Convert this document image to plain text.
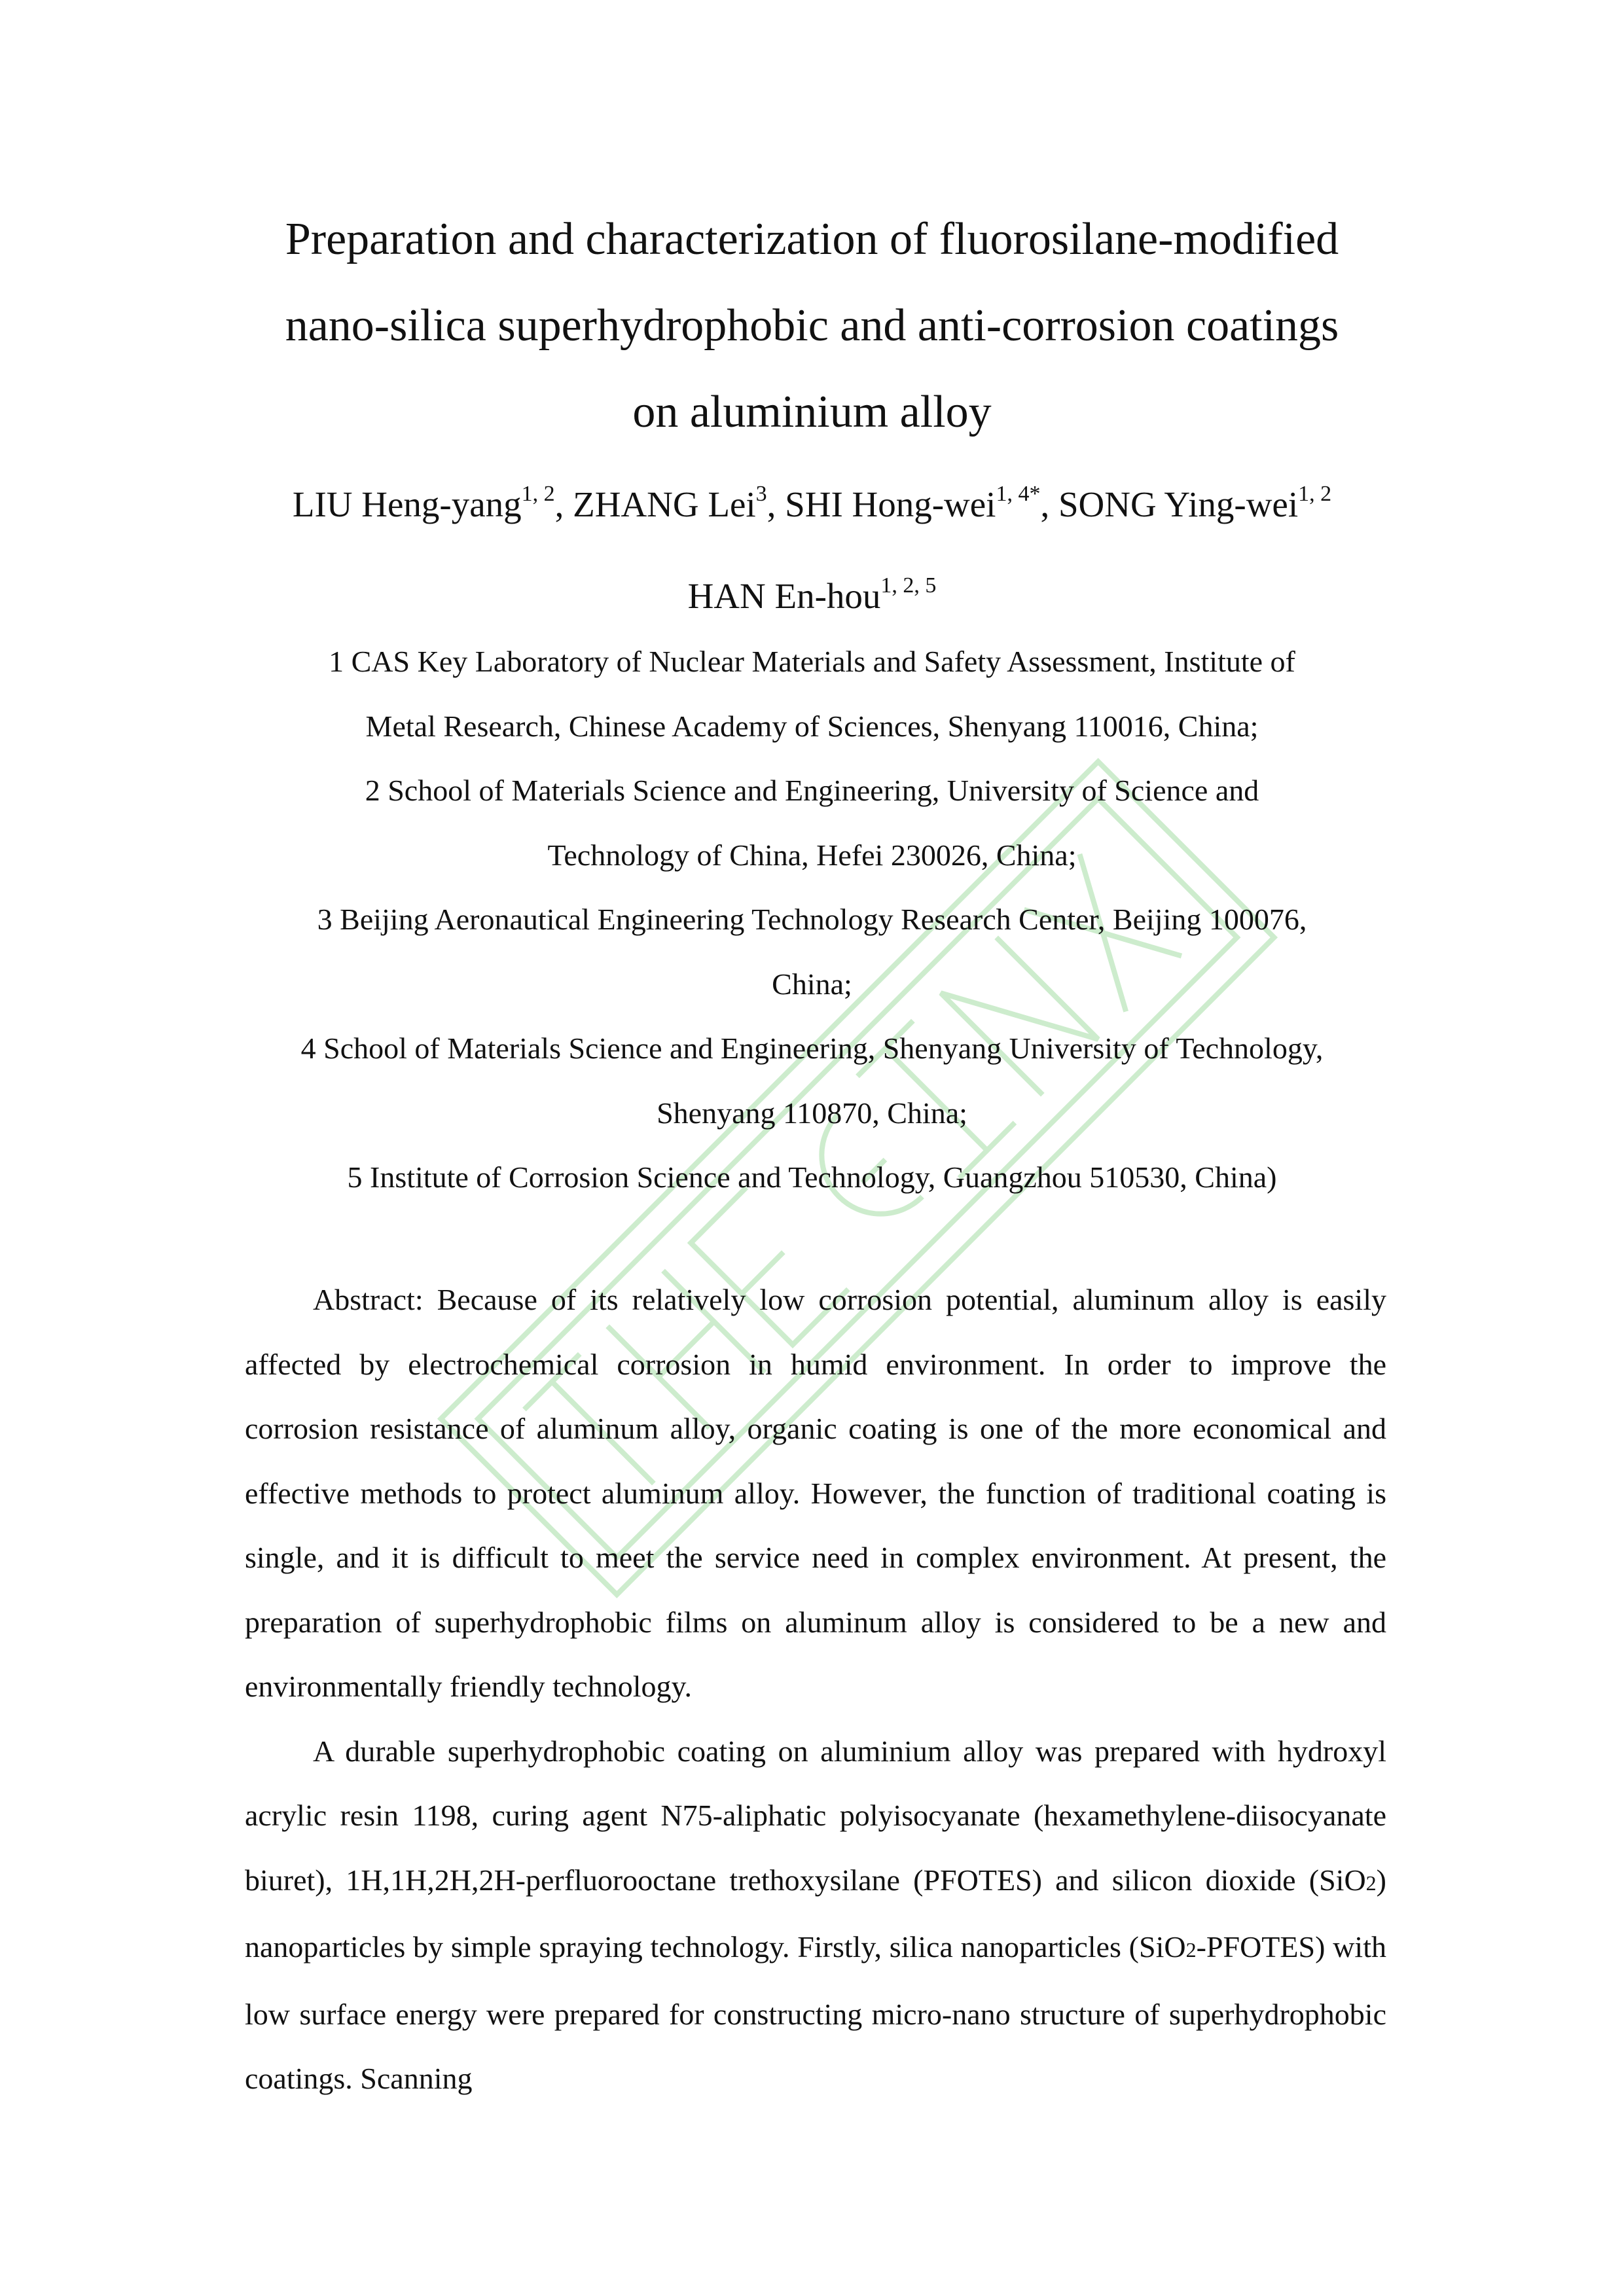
Preparation and characterization of fluorosilane-modified
nano-silica superhydrophobic and anti-corrosion coatings
on aluminium alloy
LIU Heng-yang$^{1, 2}$, ZHANG Lei$^3$, SHI Hong-wei$^{1, 4*}$, SONG Ying-wei$^{1, 2}$
HAN En-hou$^{1, 2, 5}$
1 CAS Key Laboratory of Nuclear Materials and Safety Assessment, Institute of
Metal Research, Chinese Academy of Sciences, Shenyang 110016, China;
2 School of Materials Science and Engineering, University of Science and
Technology of China, Hefei 230026, China;
3 Beijing Aeronautical Engineering Technology Research Center, Beijing 100076,
China;
4 School of Materials Science and Engineering, Shenyang University of Technology,
Shenyang 110870, China;
5 Institute of Corrosion Science and Technology, Guangzhou 510530, China)

Abstract: Because of its relatively low corrosion potential, aluminum alloy is easily affected by electrochemical corrosion in humid environment. In order to improve the corrosion resistance of aluminum alloy, organic coating is one of the more economical and effective methods to protect aluminum alloy. However, the function of traditional coating is single, and it is difficult to meet the service need in complex environment. At present, the preparation of superhydrophobic films on aluminum alloy is considered to be a new and environmentally friendly technology.

A durable superhydrophobic coating on aluminium alloy was prepared with hydroxyl acrylic resin 1198, curing agent N75-aliphatic polyisocyanate (hexamethylene-diisocyanate biuret), 1H,1H,2H,2H-perfluorooctane trethoxysilane (PFOTES) and silicon dioxide (SiO2) nanoparticles by simple spraying technology. Firstly, silica nanoparticles (SiO2-PFOTES) with low surface energy were prepared for constructing micro-nano structure of superhydrophobic coatings. Scanning
